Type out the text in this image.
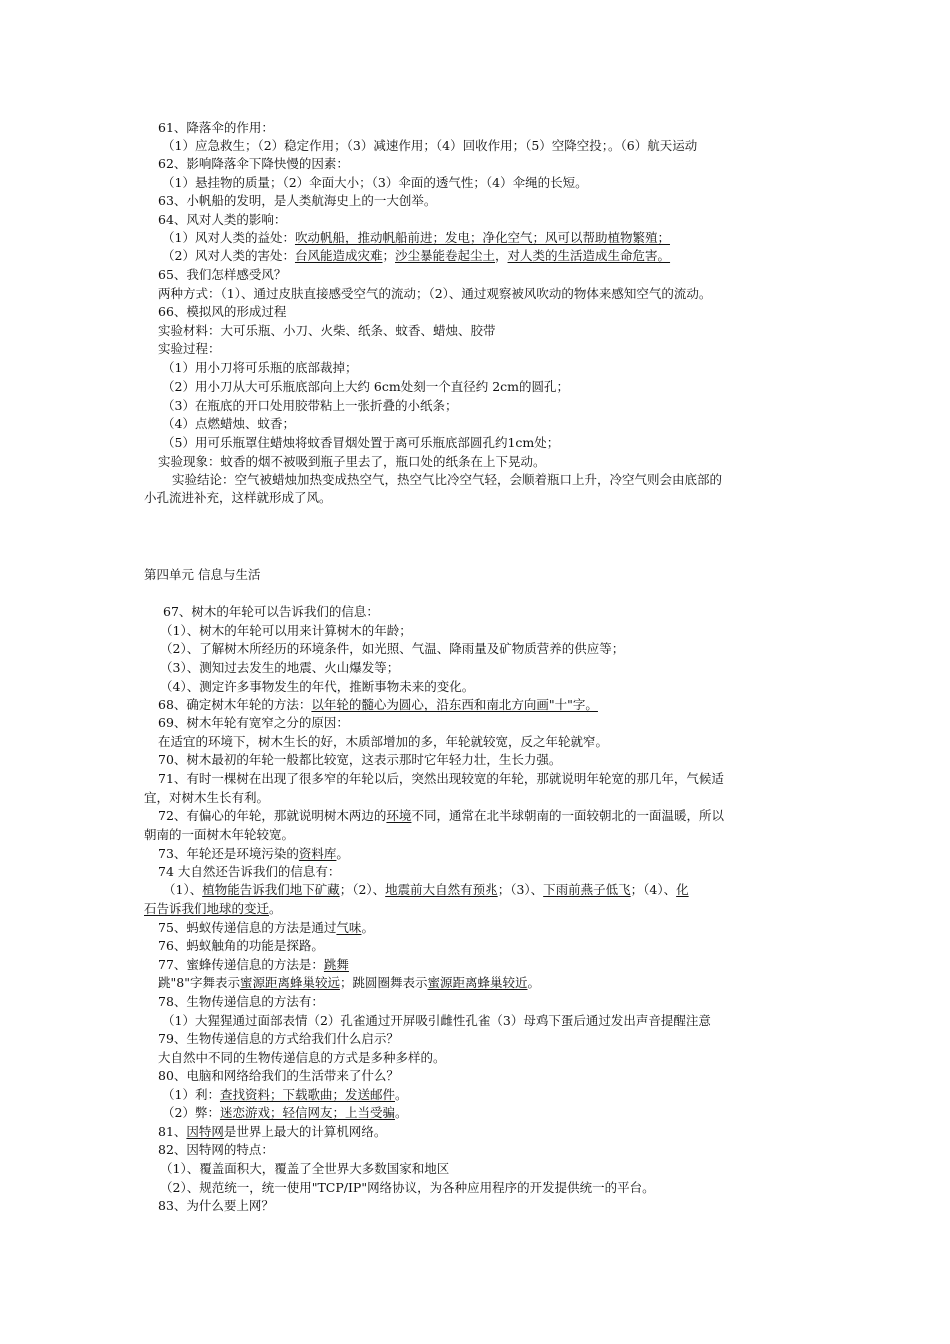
61、降落伞的作用：
（1）应急救生；（2）稳定作用；（3）减速作用；（4）回收作用；（5）空降空投；。（6）航天运动
62、影响降落伞下降快慢的因素：
（1）悬挂物的质量；（2）伞面大小；（3）伞面的透气性；（4）伞绳的长短。
63、小帆船的发明，是人类航海史上的一大创举。
64、风对人类的影响：
（1）风对人类的益处：吹动帆船，推动帆船前进；发电；净化空气；风可以帮助植物繁殖；
（2）风对人类的害处：台风能造成灾难；沙尘暴能卷起尘土，对人类的生活造成生命危害。
65、我们怎样感受风？
两种方式：（1）、通过皮肤直接感受空气的流动；（2）、通过观察被风吹动的物体来感知空气的流动。
66、模拟风的形成过程
实验材料：大可乐瓶、小刀、火柴、纸条、蚊香、蜡烛、胶带
实验过程：
（1）用小刀将可乐瓶的底部裁掉；
（2）用小刀从大可乐瓶底部向上大约 6cm处刻一个直径约 2cm的圆孔；
（3）在瓶底的开口处用胶带粘上一张折叠的小纸条；
（4）点燃蜡烛、蚊香；
（5）用可乐瓶罩住蜡烛将蚊香冒烟处置于离可乐瓶底部圆孔约1cm处；
实验现象：蚊香的烟不被吸到瓶子里去了，瓶口处的纸条在上下晃动。
实验结论：空气被蜡烛加热变成热空气，热空气比冷空气轻，会顺着瓶口上升，冷空气则会由底部的
小孔流进补充，这样就形成了风。
第四单元 信息与生活
67、树木的年轮可以告诉我们的信息：
（1）、树木的年轮可以用来计算树木的年龄；
（2）、了解树木所经历的环境条件，如光照、气温、降雨量及矿物质营养的供应等；
（3）、测知过去发生的地震、火山爆发等；
（4）、测定许多事物发生的年代，推断事物未来的变化。
68、确定树木年轮的方法：以年轮的髓心为圆心，沿东西和南北方向画"十"字。
69、树木年轮有宽窄之分的原因：
在适宜的环境下，树木生长的好，木质部增加的多，年轮就较宽，反之年轮就窄。
70、树木最初的年轮一般都比较宽，这表示那时它年轻力壮，生长力强。
71、有时一棵树在出现了很多窄的年轮以后，突然出现较宽的年轮，那就说明年轮宽的那几年，气候适
宜，对树木生长有利。
72、有偏心的年轮，那就说明树木两边的环境不同，通常在北半球朝南的一面较朝北的一面温暖，所以
朝南的一面树木年轮较宽。
73、年轮还是环境污染的资料库。
74 大自然还告诉我们的信息有：
（1）、植物能告诉我们地下矿藏；（2）、地震前大自然有预兆；（3）、下雨前燕子低飞；（4）、化
石告诉我们地球的变迁。
75、蚂蚁传递信息的方法是通过气味。
76、蚂蚁触角的功能是探路。
77、蜜蜂传递信息的方法是：跳舞
跳"8"字舞表示蜜源距离蜂巢较远；跳圆圈舞表示蜜源距离蜂巢较近。
78、生物传递信息的方法有：
（1）大猩猩通过面部表情（2）孔雀通过开屏吸引雌性孔雀（3）母鸡下蛋后通过发出声音提醒注意
79、生物传递信息的方式给我们什么启示？
大自然中不同的生物传递信息的方式是多种多样的。
80、电脑和网络给我们的生活带来了什么？
（1）利：查找资料；下载歌曲；发送邮件。
（2）弊：迷恋游戏；轻信网友；上当受骗。
81、因特网是世界上最大的计算机网络。
82、因特网的特点：
（1）、覆盖面积大，覆盖了全世界大多数国家和地区
（2）、规范统一，统一使用"TCP/IP"网络协议，为各种应用程序的开发提供统一的平台。
83、为什么要上网？
